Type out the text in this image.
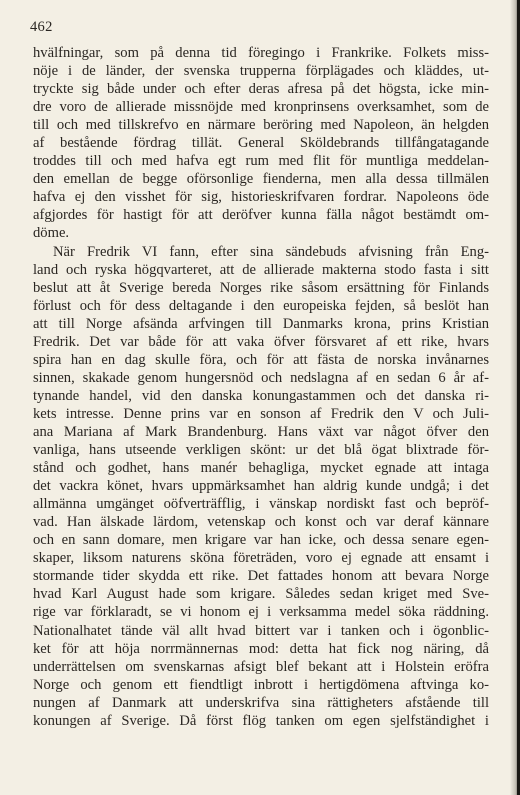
462
hvälfningar, som på denna tid föregingo i Frankrike. Folkets miss-
nöje i de länder, der svenska trupperna förplägades och kläddes, ut-
tryckte sig både under och efter deras afresa på det högsta, icke min-
dre voro de allierade missnöjde med kronprinsens overksamhet, som de
till och med tillskrefvo en närmare beröring med Napoleon, än helgden
af bestående fördrag tillät. General Sköldebrands tillfångatagande
troddes till och med hafva egt rum med flit för muntliga meddelan-
den emellan de begge oförsonlige fienderna, men alla dessa tillmälen
hafva ej den visshet för sig, historieskrifvaren fordrar. Napoleons öde
afgjordes för hastigt för att deröfver kunna fälla något bestämdt om-
döme.
När Fredrik VI fann, efter sina sändebuds afvisning från Eng-
land och ryska högqvarteret, att de allierade makterna stodo fasta i sitt
beslut att åt Sverige bereda Norges rike såsom ersättning för Finlands
förlust och för dess deltagande i den europeiska fejden, så beslöt han
att till Norge afsända arfvingen till Danmarks krona, prins Kristian
Fredrik. Det var både för att vaka öfver försvaret af ett rike, hvars
spira han en dag skulle föra, och för att fästa de norska invånarnes
sinnen, skakade genom hungersnöd och nedslagna af en sedan 6 år af-
tynande handel, vid den danska konungastammen och det danska ri-
kets intresse. Denne prins var en sonson af Fredrik den V och Juli-
ana Mariana af Mark Brandenburg. Hans växt var något öfver den
vanliga, hans utseende verkligen skönt: ur det blå ögat blixtrade för-
stånd och godhet, hans manér behagliga, mycket egnade att intaga
det vackra könet, hvars uppmärksamhet han aldrig kunde undgå; i det
allmänna umgänget oöfverträfflig, i vänskap nordiskt fast och bepröf-
vad. Han älskade lärdom, vetenskap och konst och var deraf kännare
och en sann domare, men krigare var han icke, och dessa senare egen-
skaper, liksom naturens sköna företräden, voro ej egnade att ensamt i
stormande tider skydda ett rike. Det fattades honom att bevara Norge
hvad Karl August hade som krigare. Således sedan kriget med Sve-
rige var förklaradt, se vi honom ej i verksamma medel söka räddning.
Nationalhatet tände väl allt hvad bittert var i tanken och i ögonblic-
ket för att höja norrmännernas mod: detta hat fick nog näring, då
underrättelsen om svenskarnas afsigt blef bekant att i Holstein eröfra
Norge och genom ett fiendtligt inbrott i hertigdömena aftvinga ko-
nungen af Danmark att underskrifva sina rättigheters afstående till
konungen af Sverige. Då först flög tanken om egen sjelfständighet i
